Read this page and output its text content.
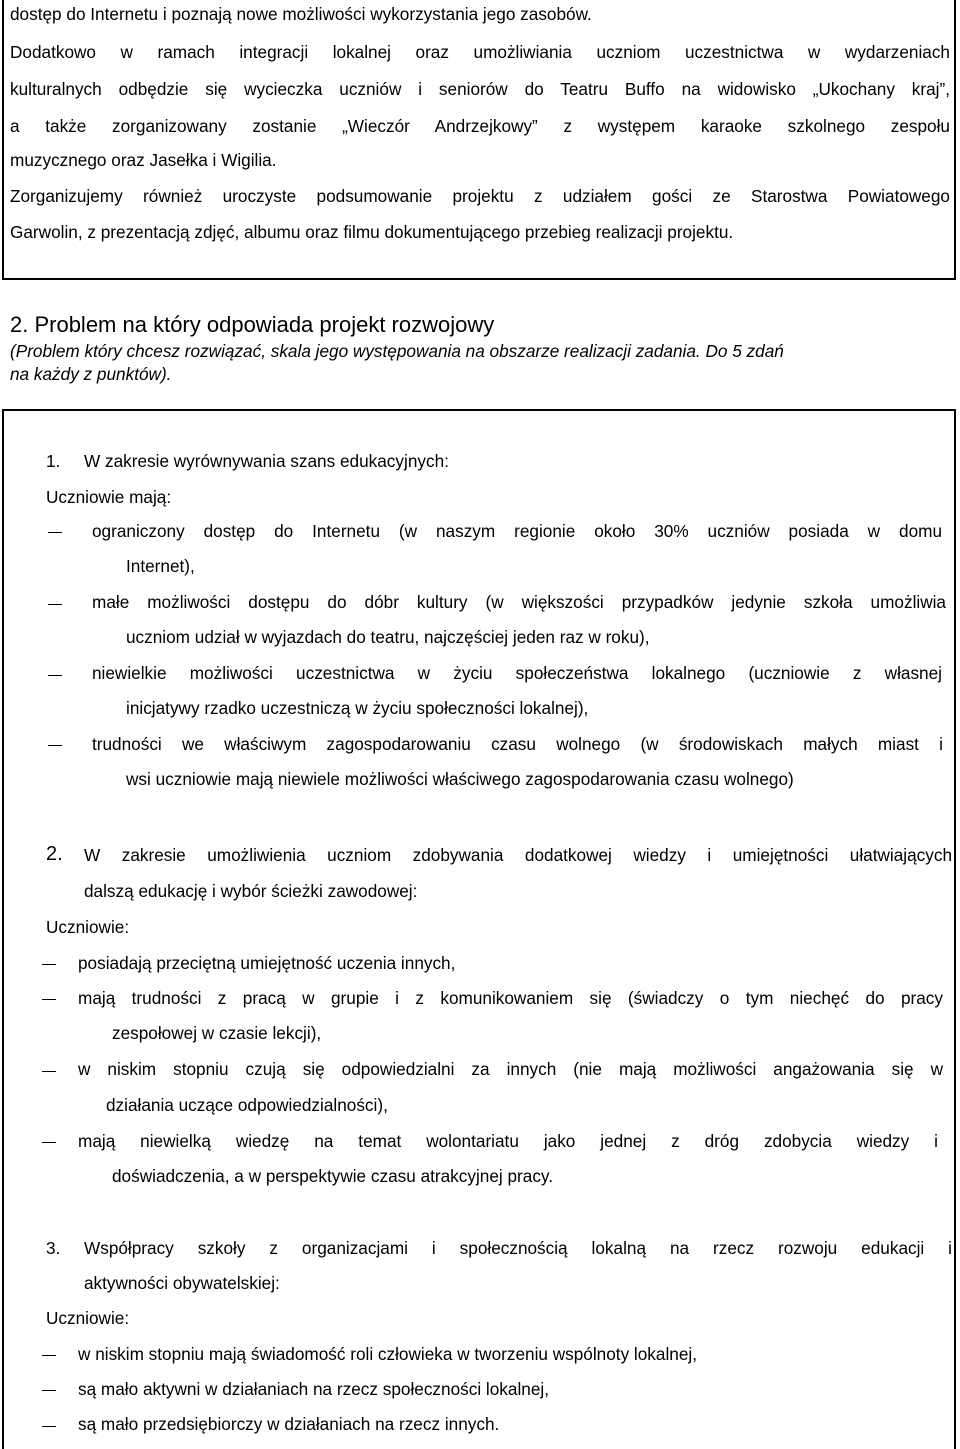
dostęp do Internetu i poznają nowe możliwości wykorzystania jego zasobów.
Dodatkowo w ramach integracji lokalnej oraz umożliwiania uczniom uczestnictwa w wydarzeniach
kulturalnych odbędzie się wycieczka uczniów i seniorów do Teatru Buffo na widowisko „Ukochany kraj”,
a także zorganizowany zostanie „Wieczór Andrzejkowy” z występem karaoke szkolnego zespołu
muzycznego oraz Jasełka i Wigilia.
Zorganizujemy również uroczyste podsumowanie projektu z udziałem gości ze Starostwa Powiatowego
Garwolin, z prezentacją zdjęć, albumu oraz filmu dokumentującego przebieg realizacji projektu.
2. Problem na który odpowiada projekt rozwojowy
(Problem który chcesz rozwiązać, skala jego występowania na obszarze realizacji zadania. Do 5 zdań
na każdy z punktów).
1. W zakresie wyrównywania szans edukacyjnych:
Uczniowie mają:
ograniczony dostęp do Internetu (w naszym regionie około 30% uczniów posiada w domu
Internet),
małe możliwości dostępu do dóbr kultury (w większości przypadków jedynie szkoła umożliwia
uczniom udział w wyjazdach do teatru, najczęściej jeden raz w roku),
niewielkie możliwości uczestnictwa w życiu społeczeństwa lokalnego (uczniowie z własnej
inicjatywy rzadko uczestniczą w życiu społeczności lokalnej),
trudności we właściwym zagospodarowaniu czasu wolnego (w środowiskach małych miast i
wsi uczniowie mają niewiele możliwości właściwego zagospodarowania czasu wolnego)
2. W zakresie umożliwienia uczniom zdobywania dodatkowej wiedzy i umiejętności ułatwiających
dalszą edukację i wybór ścieżki zawodowej:
Uczniowie:
posiadają przeciętną umiejętność uczenia innych,
mają trudności z pracą w grupie i z komunikowaniem się (świadczy o tym niechęć do pracy
zespołowej w czasie lekcji),
w niskim stopniu czują się odpowiedzialni za innych (nie mają możliwości angażowania się w
działania uczące odpowiedzialności),
mają niewielką wiedzę na temat wolontariatu jako jednej z dróg zdobycia wiedzy i
doświadczenia, a w perspektywie czasu atrakcyjnej pracy.
3. Współpracy szkoły z organizacjami i społecznością lokalną na rzecz rozwoju edukacji i
aktywności obywatelskiej:
Uczniowie:
w niskim stopniu mają świadomość roli człowieka w tworzeniu wspólnoty lokalnej,
są mało aktywni w działaniach na rzecz społeczności lokalnej,
są mało przedsiębiorczy w działaniach na rzecz innych.
